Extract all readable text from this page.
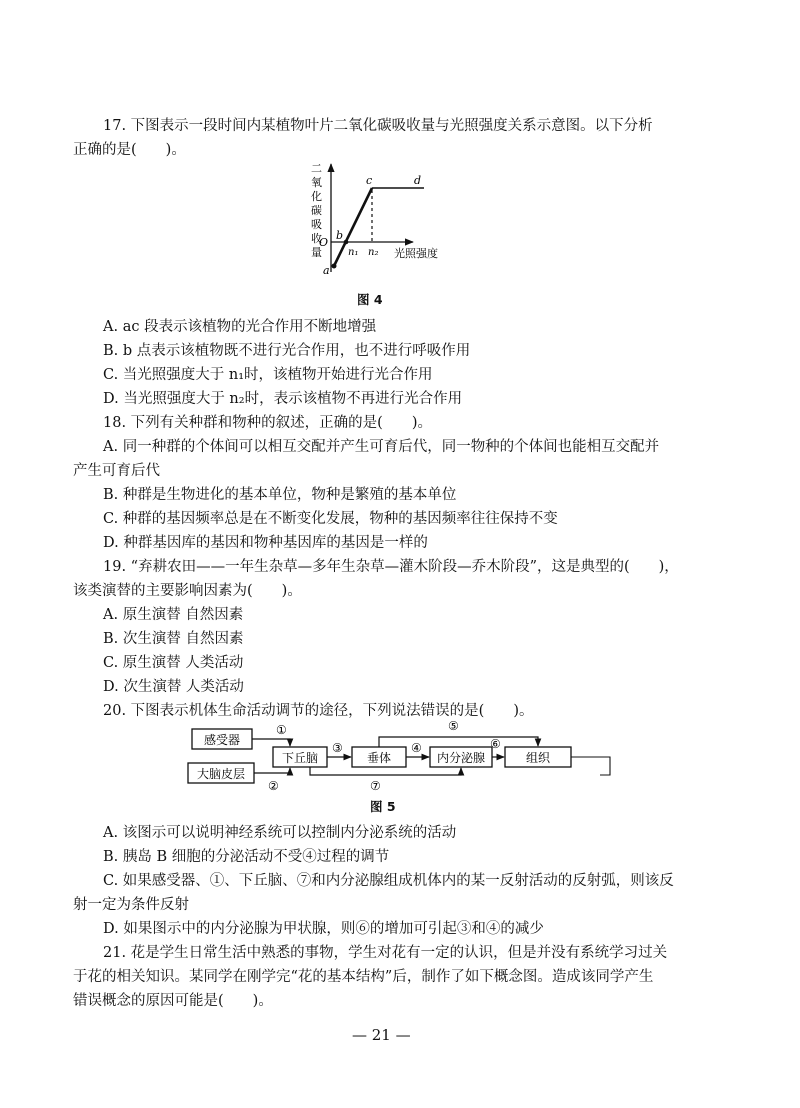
17. 下图表示一段时间内某植物叶片二氧化碳吸收量与光照强度关系示意图。以下分析
正确的是(　　)。
二
氧
化
碳
吸
收
量
O
a
b
c	d
n₁ n₂ 光照强度
图 4
A. ac 段表示该植物的光合作用不断地增强
B. b 点表示该植物既不进行光合作用，也不进行呼吸作用
C. 当光照强度大于 n₁时，该植物开始进行光合作用
D. 当光照强度大于 n₂时，表示该植物不再进行光合作用
18. 下列有关种群和物种的叙述，正确的是(　　)。
A. 同一种群的个体间可以相互交配并产生可育后代，同一物种的个体间也能相互交配并
产生可育后代
B. 种群是生物进化的基本单位，物种是繁殖的基本单位
C. 种群的基因频率总是在不断变化发展，物种的基因频率往往保持不变
D. 种群基因库的基因和物种基因库的基因是一样的
19. “弃耕农田——一年生杂草—多年生杂草—灌木阶段—乔木阶段”，这是典型的(　　)，
该类演替的主要影响因素为(　　)。
A. 原生演替 自然因素
B. 次生演替 自然因素
C. 原生演替 人类活动
D. 次生演替 人类活动
20. 下图表示机体生命活动调节的途径，下列说法错误的是(　　)。
感受器
大脑皮层
下丘脑	垂体	内分泌腺	组织
①
②
③	④
⑤
⑥
⑦
图 5
A. 该图示可以说明神经系统可以控制内分泌系统的活动
B. 胰岛 B 细胞的分泌活动不受④过程的调节
C. 如果感受器、①、下丘脑、⑦和内分泌腺组成机体内的某一反射活动的反射弧，则该反
射一定为条件反射
D. 如果图示中的内分泌腺为甲状腺，则⑥的增加可引起③和④的减少
21. 花是学生日常生活中熟悉的事物，学生对花有一定的认识，但是并没有系统学习过关
于花的相关知识。某同学在刚学完“花的基本结构”后，制作了如下概念图。造成该同学产生
错误概念的原因可能是(　　)。
— 21 —
